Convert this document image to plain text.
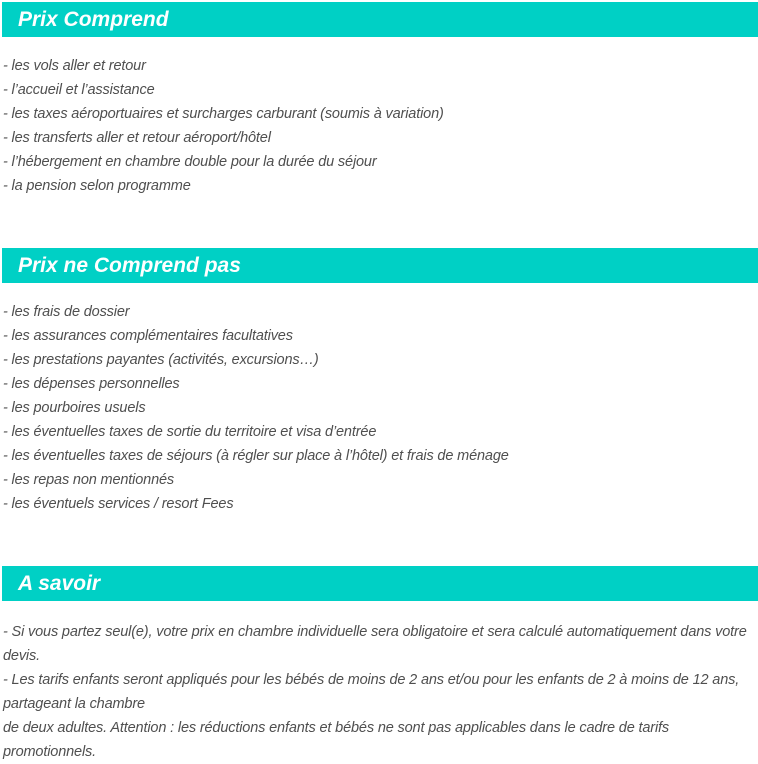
Prix Comprend
- les vols aller et retour
- l’accueil et l’assistance
- les taxes aéroportuaires et surcharges carburant (soumis à variation)
- les transferts aller et retour aéroport/hôtel
- l’hébergement en chambre double pour la durée du séjour
- la pension selon programme
Prix ne Comprend pas
- les frais de dossier
- les assurances complémentaires facultatives
- les prestations payantes (activités, excursions…)
- les dépenses personnelles
- les pourboires usuels
- les éventuelles taxes de sortie du territoire et visa d’entrée
- les éventuelles taxes de séjours (à régler sur place à l’hôtel) et frais de ménage
- les repas non mentionnés
- les éventuels services / resort Fees
A savoir
- Si vous partez seul(e), votre prix en chambre individuelle sera obligatoire et sera calculé automatiquement dans votre devis.
- Les tarifs enfants seront appliqués pour les bébés de moins de 2 ans et/ou pour les enfants de 2 à moins de 12 ans, partageant la chambre
de deux adultes. Attention : les réductions enfants et bébés ne sont pas applicables dans le cadre de tarifs promotionnels.
